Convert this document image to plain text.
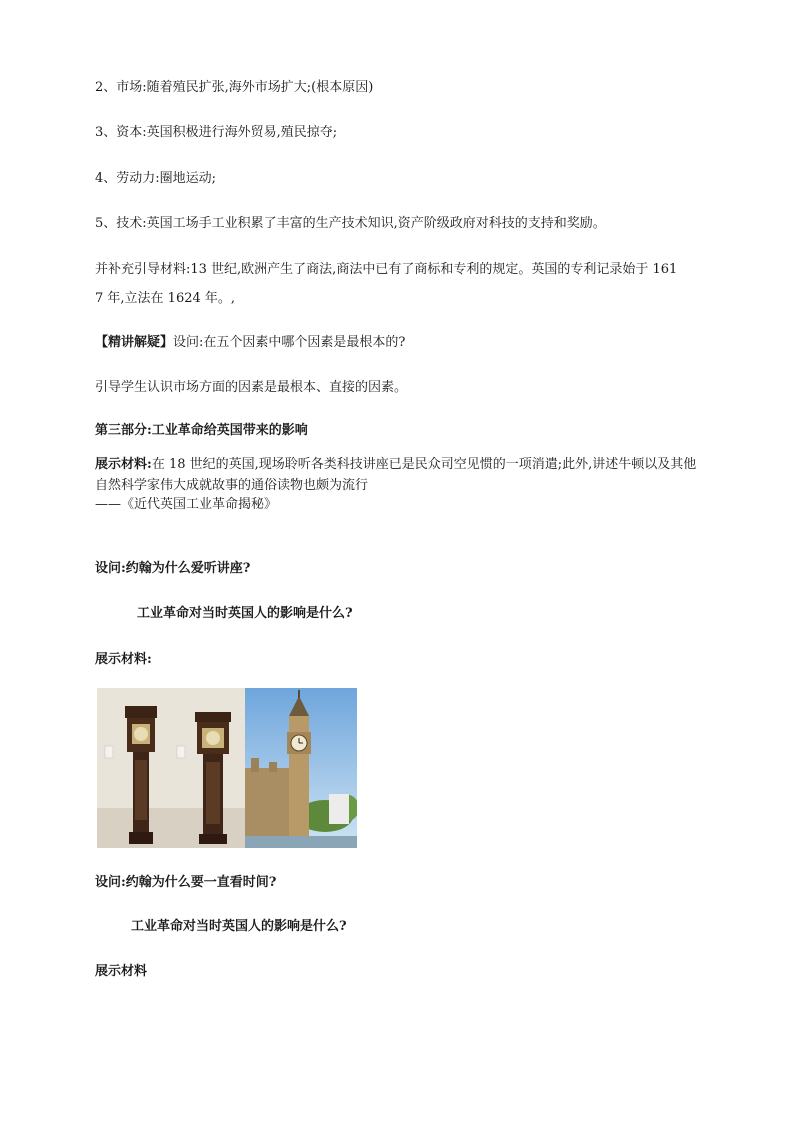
2、市场:随着殖民扩张,海外市场扩大;(根本原因)
3、资本:英国积极进行海外贸易,殖民掠夺;
4、劳动力:圈地运动;
5、技术:英国工场手工业积累了丰富的生产技术知识,资产阶级政府对科技的支持和奖励。
并补充引导材料:13 世纪,欧洲产生了商法,商法中已有了商标和专利的规定。英国的专利记录始于 161
7 年,立法在 1624 年。,
【精讲解疑】设问:在五个因素中哪个因素是最根本的?
引导学生认识市场方面的因素是最根本、直接的因素。
第三部分:工业革命给英国带来的影响
展示材料:在 18 世纪的英国,现场聆听各类科技讲座已是民众司空见惯的一项消遣;此外,讲述牛顿以及其他自然科学家伟大成就故事的通俗读物也颇为流行
——《近代英国工业革命揭秘》
设问:约翰为什么爱听讲座?
工业革命对当时英国人的影响是什么?
展示材料:
设问:约翰为什么要一直看时间?
工业革命对当时英国人的影响是什么?
展示材料
